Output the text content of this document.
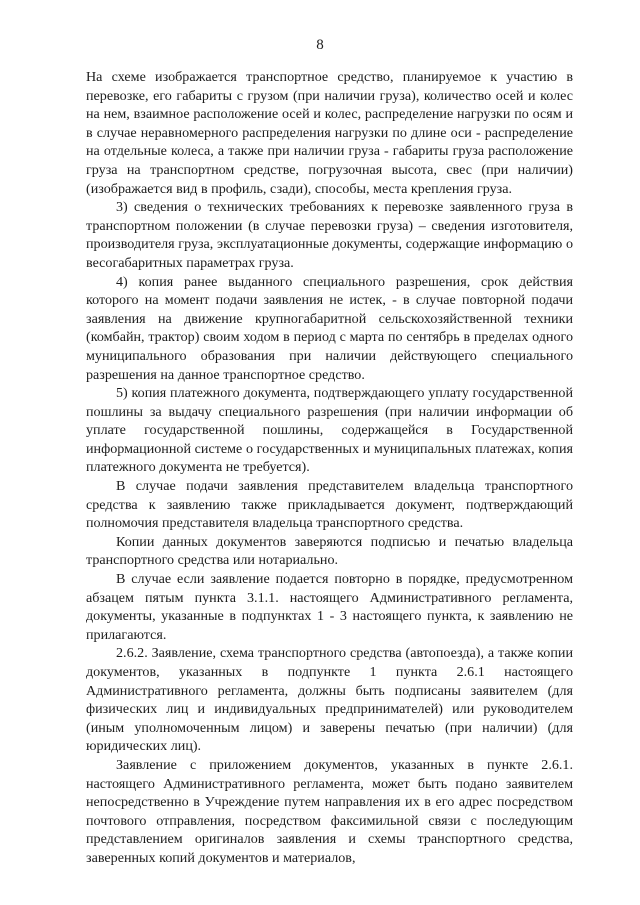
8

На схеме изображается транспортное средство, планируемое к участию в перевозке, его габариты с грузом (при наличии груза), количество осей и колес на нем, взаимное расположение осей и колес, распределение нагрузки по осям и в случае неравномерного распределения нагрузки по длине оси - распределение на отдельные колеса, а также при наличии груза - габариты груза расположение груза на транспортном средстве, погрузочная высота, свес (при наличии) (изображается вид в профиль, сзади), способы, места крепления груза.

3) сведения о технических требованиях к перевозке заявленного груза в транспортном положении (в случае перевозки груза) – сведения изготовителя, производителя груза, эксплуатационные документы, содержащие информацию о весогабаритных параметрах груза.

4) копия ранее выданного специального разрешения, срок действия которого на момент подачи заявления не истек, - в случае повторной подачи заявления на движение крупногабаритной сельскохозяйственной техники (комбайн, трактор) своим ходом в период с марта по сентябрь в пределах одного муниципального образования при наличии действующего специального разрешения на данное транспортное средство.

5) копия платежного документа, подтверждающего уплату государственной пошлины за выдачу специального разрешения (при наличии информации об уплате государственной пошлины, содержащейся в Государственной информационной системе о государственных и муниципальных платежах, копия платежного документа не требуется).

В случае подачи заявления представителем владельца транспортного средства к заявлению также прикладывается документ, подтверждающий полномочия представителя владельца транспортного средства.

Копии данных документов заверяются подписью и печатью владельца транспортного средства или нотариально.

В случае если заявление подается повторно в порядке, предусмотренном абзацем пятым пункта 3.1.1. настоящего Административного регламента, документы, указанные в подпунктах 1 - 3 настоящего пункта, к заявлению не прилагаются.

2.6.2. Заявление, схема транспортного средства (автопоезда), а также копии документов, указанных в подпункте 1 пункта 2.6.1 настоящего Административного регламента, должны быть подписаны заявителем (для физических лиц и индивидуальных предпринимателей) или руководителем (иным уполномоченным лицом) и заверены печатью (при наличии) (для юридических лиц).

Заявление с приложением документов, указанных в пункте 2.6.1. настоящего Административного регламента, может быть подано заявителем непосредственно в Учреждение путем направления их в его адрес посредством почтового отправления, посредством факсимильной связи с последующим представлением оригиналов заявления и схемы транспортного средства, заверенных копий документов и материалов,
